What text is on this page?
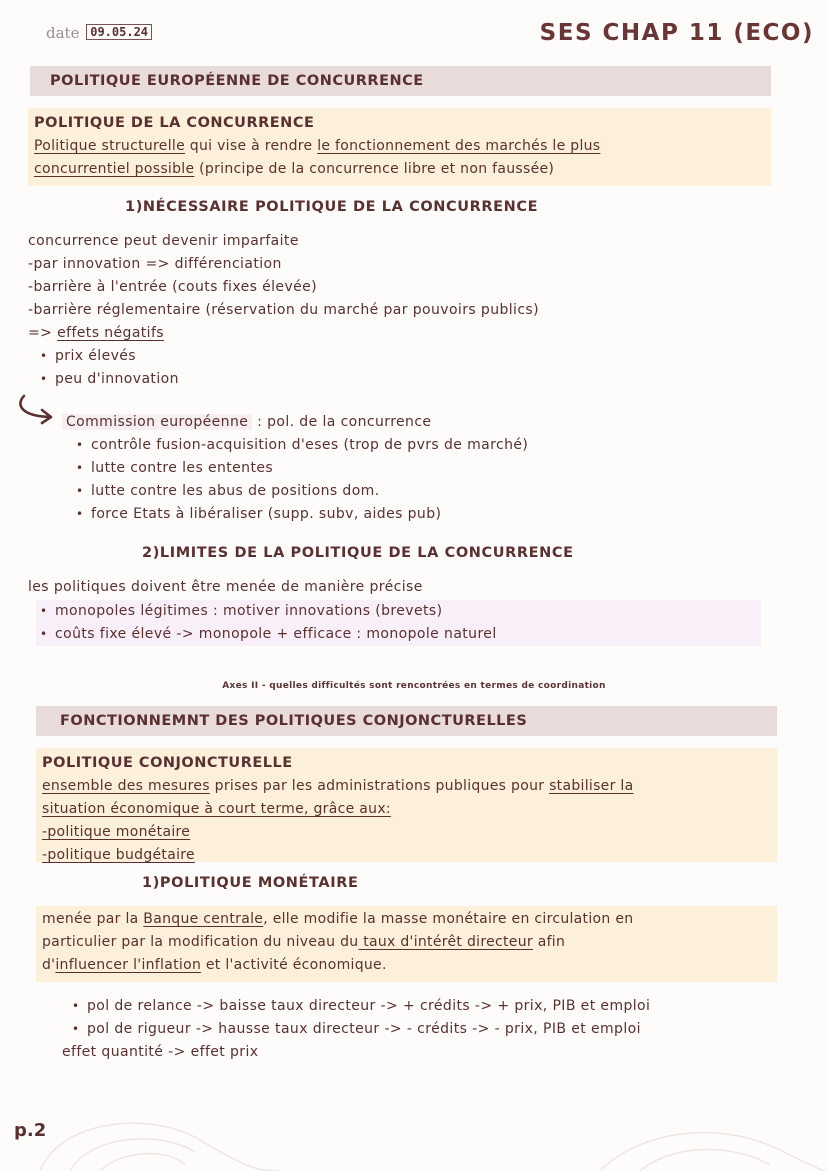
date 09.05.24	SES CHAP 11 (ECO)
POLITIQUE EUROPÉENNE DE CONCURRENCE
POLITIQUE DE LA CONCURRENCE
Politique structurelle qui vise à rendre le fonctionnement des marchés le plus
concurrentiel possible (principe de la concurrence libre et non faussée)
1)NÉCESSAIRE POLITIQUE DE LA CONCURRENCE
concurrence peut devenir imparfaite
-par innovation => différenciation
-barrière à l'entrée (couts fixes élevée)
-barrière réglementaire (réservation du marché par pouvoirs publics)
=> effets négatifs
• prix élevés
• peu d'innovation
Commission européenne : pol. de la concurrence
• contrôle fusion-acquisition d'eses (trop de pvrs de marché)
• lutte contre les ententes
• lutte contre les abus de positions dom.
• force Etats à libéraliser (supp. subv, aides pub)
2)LIMITES DE LA POLITIQUE DE LA CONCURRENCE
les politiques doivent être menée de manière précise
• monopoles légitimes : motiver innovations (brevets)
• coûts fixe élevé -> monopole + efficace : monopole naturel
Axes II - quelles difficultés sont rencontrées en termes de coordination
FONCTIONNEMNT DES POLITIQUES CONJONCTURELLES
POLITIQUE CONJONCTURELLE
ensemble des mesures prises par les administrations publiques pour stabiliser la
situation économique à court terme, grâce aux:
-politique monétaire
-politique budgétaire
1)POLITIQUE MONÉTAIRE
menée par la Banque centrale, elle modifie la masse monétaire en circulation en
particulier par la modification du niveau du taux d'intérêt directeur afin
d'influencer l'inflation et l'activité économique.
• pol de relance -> baisse taux directeur -> + crédits -> + prix, PIB et emploi
• pol de rigueur -> hausse taux directeur -> - crédits -> - prix, PIB et emploi
effet quantité -> effet prix
p.2
